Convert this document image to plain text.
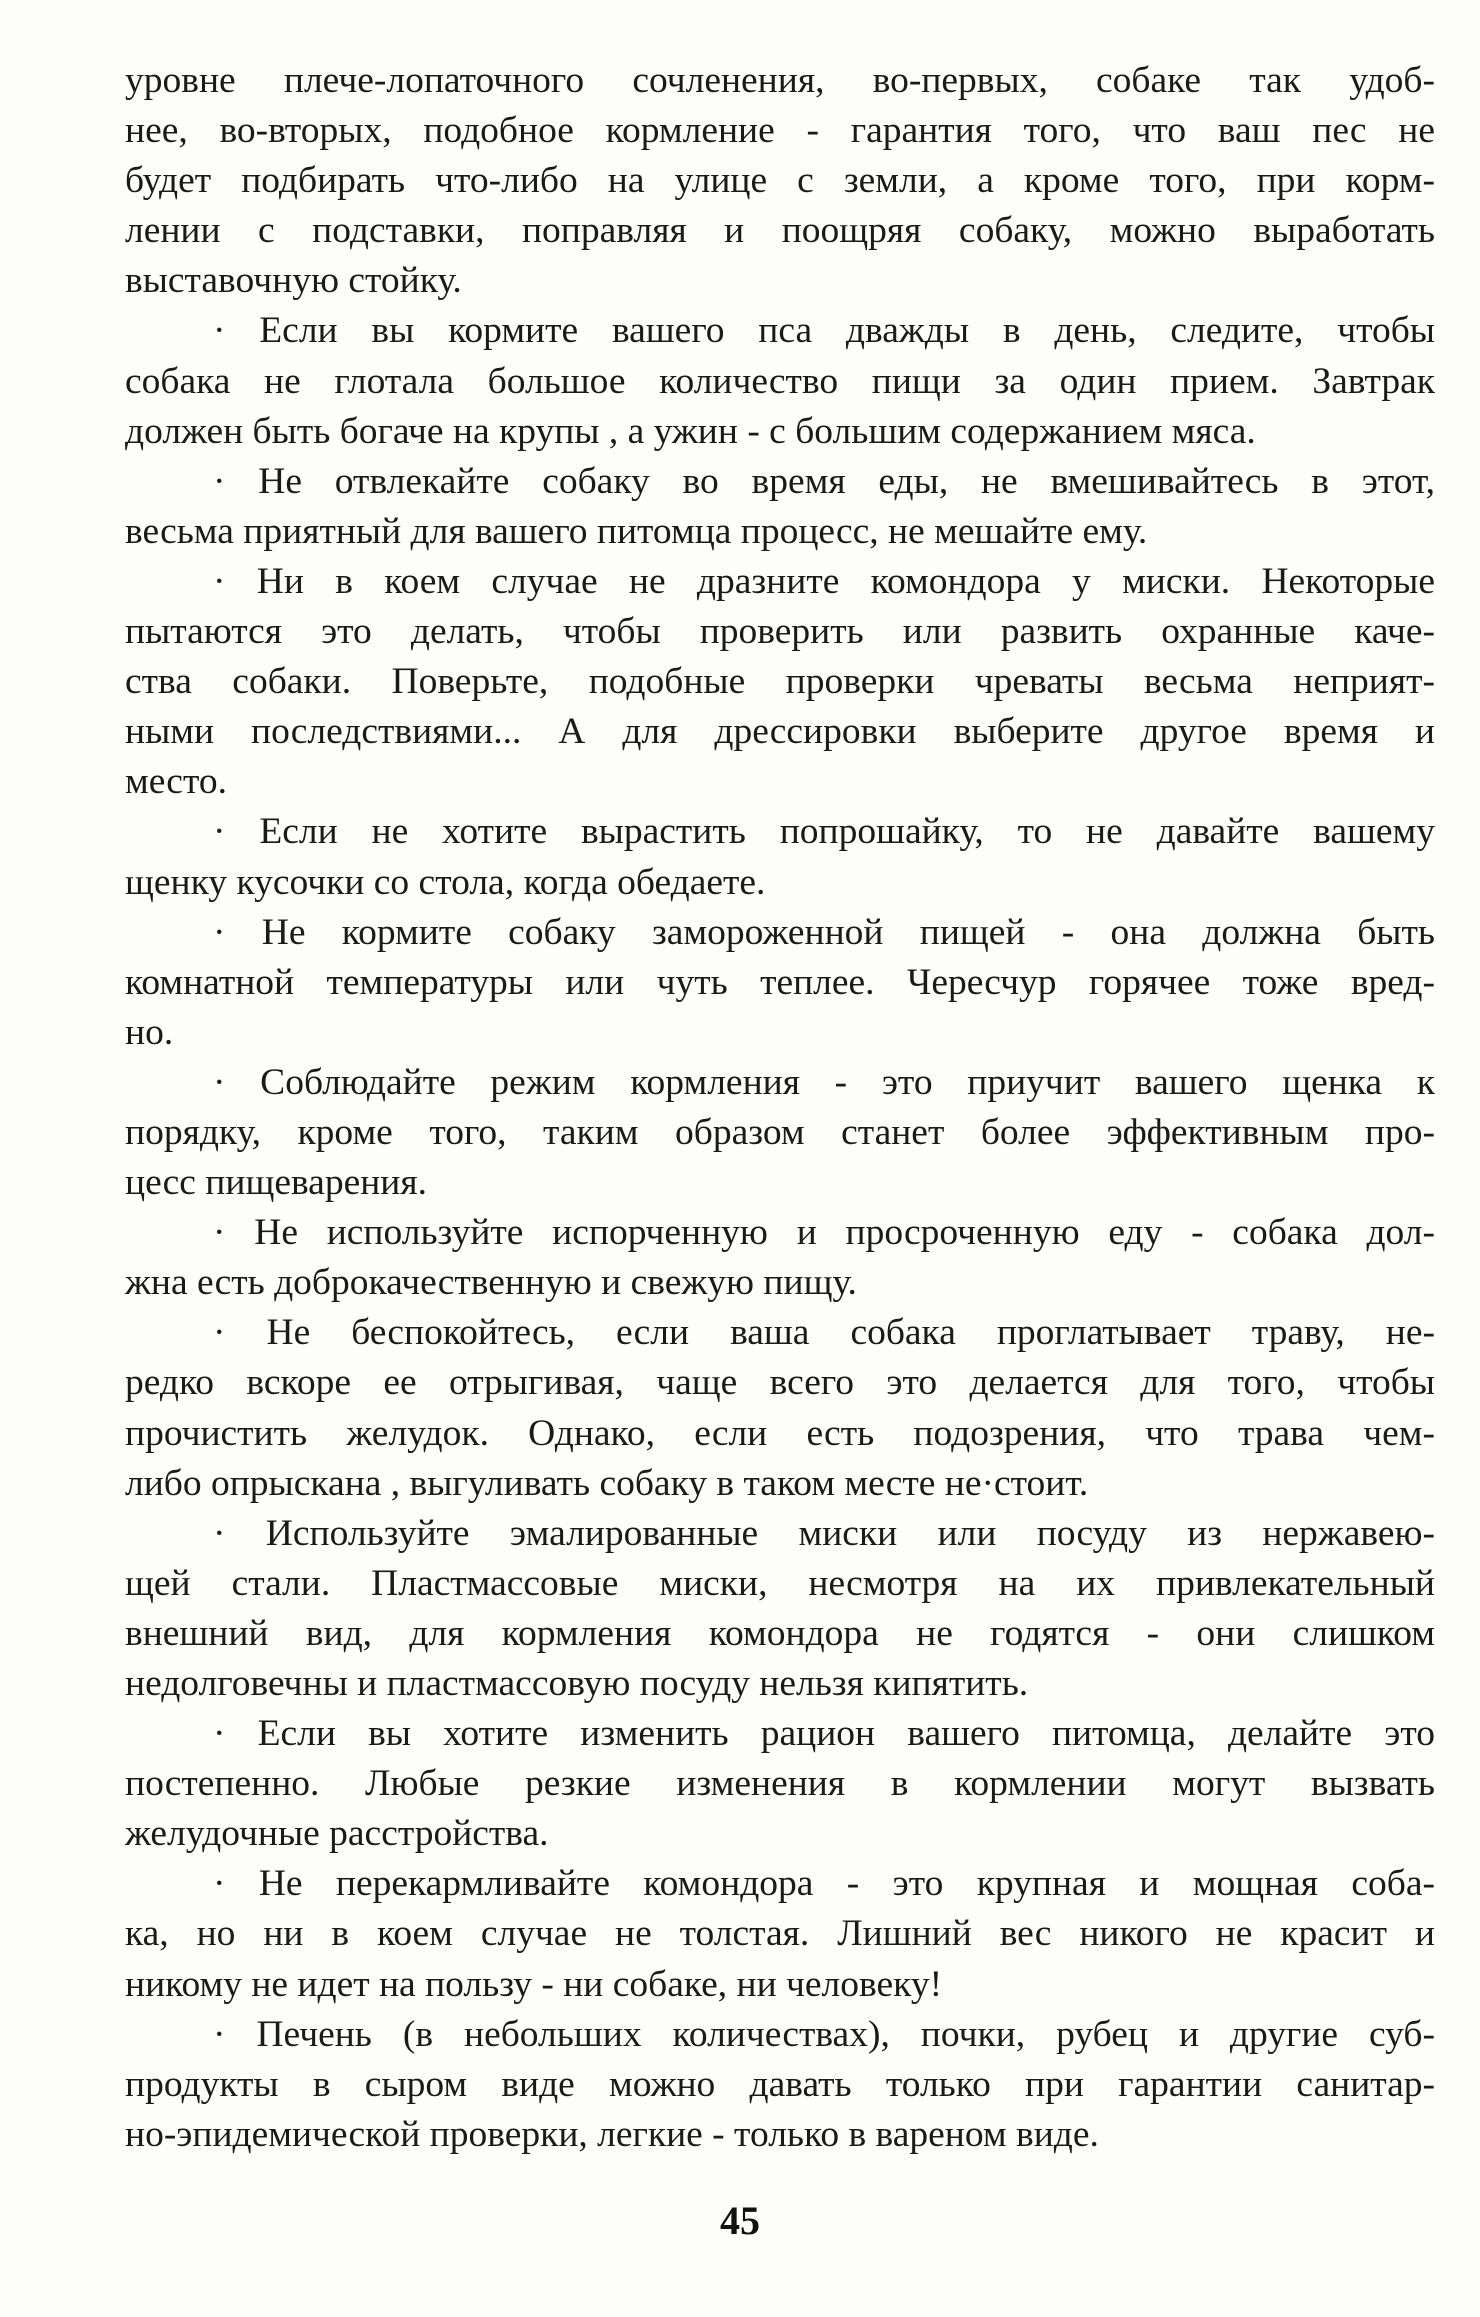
уровне плече-лопаточного сочленения, во-первых, собаке так удоб-
нее, во-вторых, подобное кормление - гарантия того, что ваш пес не
будет подбирать что-либо на улице с земли, а кроме того, при корм-
лении с подставки, поправляя и поощряя собаку, можно выработать
выставочную стойку.

· Если вы кормите вашего пса дважды в день, следите, чтобы
собака не глотала большое количество пищи за один прием. Завтрак
должен быть богаче на крупы , а ужин - с большим содержанием мяса.

· Не отвлекайте собаку во время еды, не вмешивайтесь в этот,
весьма приятный для вашего питомца процесс, не мешайте ему.

· Ни в коем случае не дразните комондора у миски. Некоторые
пытаются это делать, чтобы проверить или развить охранные каче-
ства собаки. Поверьте, подобные проверки чреваты весьма неприят-
ными последствиями... А для дрессировки выберите другое время и
место.

· Если не хотите вырастить попрошайку, то не давайте вашему
щенку кусочки со стола, когда обедаете.

· Не кормите собаку замороженной пищей - она должна быть
комнатной температуры или чуть теплее. Чересчур горячее тоже вред-
но.

· Соблюдайте режим кормления - это приучит вашего щенка к
порядку, кроме того, таким образом станет более эффективным про-
цесс пищеварения.

· Не используйте испорченную и просроченную еду - собака дол-
жна есть доброкачественную и свежую пищу.

· Не беспокойтесь, если ваша собака проглатывает траву, не-
редко вскоре ее отрыгивая, чаще всего это делается для того, чтобы
прочистить желудок. Однако, если есть подозрения, что трава чем-
либо опрыскана , выгуливать собаку в таком месте не·стоит.

· Используйте эмалированные миски или посуду из нержавею-
щей стали. Пластмассовые миски, несмотря на их привлекательный
внешний вид, для кормления комондора не годятся - они слишком
недолговечны и пластмассовую посуду нельзя кипятить.

· Если вы хотите изменить рацион вашего питомца, делайте это
постепенно. Любые резкие изменения в кормлении могут вызвать
желудочные расстройства.

· Не перекармливайте комондора - это крупная и мощная соба-
ка, но ни в коем случае не толстая. Лишний вес никого не красит и
никому не идет на пользу - ни собаке, ни человеку!

· Печень (в небольших количествах), почки, рубец и другие суб-
продукты в сыром виде можно давать только при гарантии санитар-
но-эпидемической проверки, легкие - только в вареном виде.

45
